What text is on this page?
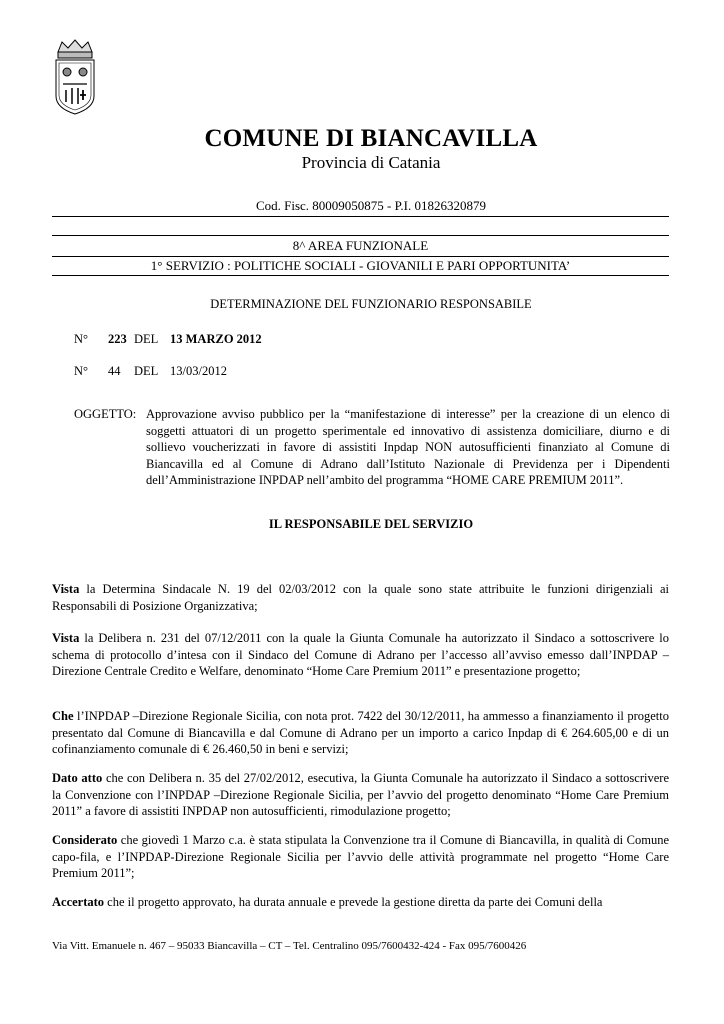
COMUNE DI BIANCAVILLA
Provincia di Catania
Cod. Fisc. 80009050875 - P.I. 01826320879
8^ AREA FUNZIONALE
1° SERVIZIO : POLITICHE SOCIALI - GIOVANILI E PARI OPPORTUNITA’
DETERMINAZIONE DEL FUNZIONARIO RESPONSABILE
N° 223 DEL 13 MARZO 2012
N° 44 DEL 13/03/2012
OGGETTO: Approvazione avviso pubblico per la “manifestazione di interesse” per la creazione di un elenco di soggetti attuatori di un progetto sperimentale ed innovativo di assistenza domiciliare, diurno e di sollievo voucherizzati in favore di assistiti Inpdap NON autosufficienti finanziato al Comune di Biancavilla ed al Comune di Adrano dall’Istituto Nazionale di Previdenza per i Dipendenti dell’Amministrazione INPDAP nell’ambito del programma “HOME CARE PREMIUM 2011”.
IL RESPONSABILE DEL SERVIZIO
Vista la Determina Sindacale N. 19 del 02/03/2012 con la quale sono state attribuite le funzioni dirigenziali ai Responsabili di Posizione Organizzativa;
Vista la Delibera n. 231 del 07/12/2011 con la quale la Giunta Comunale ha autorizzato il Sindaco a sottoscrivere lo schema di protocollo d’intesa con il Sindaco del Comune di Adrano per l’accesso all’avviso emesso dall’INPDAP –Direzione Centrale Credito e Welfare, denominato “Home Care Premium 2011” e presentazione progetto;
Che l’INPDAP –Direzione Regionale Sicilia, con nota prot. 7422 del 30/12/2011, ha ammesso a finanziamento il progetto presentato dal Comune di Biancavilla e dal Comune di Adrano per un importo a carico Inpdap di € 264.605,00 e di un cofinanziamento comunale di € 26.460,50 in beni e servizi;
Dato atto che con Delibera n. 35 del 27/02/2012, esecutiva, la Giunta Comunale ha autorizzato il Sindaco a sottoscrivere la Convenzione con l’INPDAP –Direzione Regionale Sicilia, per l’avvio del progetto denominato “Home Care Premium 2011” a favore di assistiti INPDAP non autosufficienti, rimodulazione progetto;
Considerato che giovedì 1 Marzo c.a. è stata stipulata la Convenzione tra il Comune di Biancavilla, in qualità di Comune capo-fila, e l’INPDAP-Direzione Regionale Sicilia per l’avvio delle attività programmate nel progetto “Home Care Premium 2011”;
Accertato che il progetto approvato, ha durata annuale e prevede la gestione diretta da parte dei Comuni della
Via Vitt. Emanuele n. 467 – 95033 Biancavilla – CT – Tel. Centralino 095/7600432-424 - Fax 095/7600426
